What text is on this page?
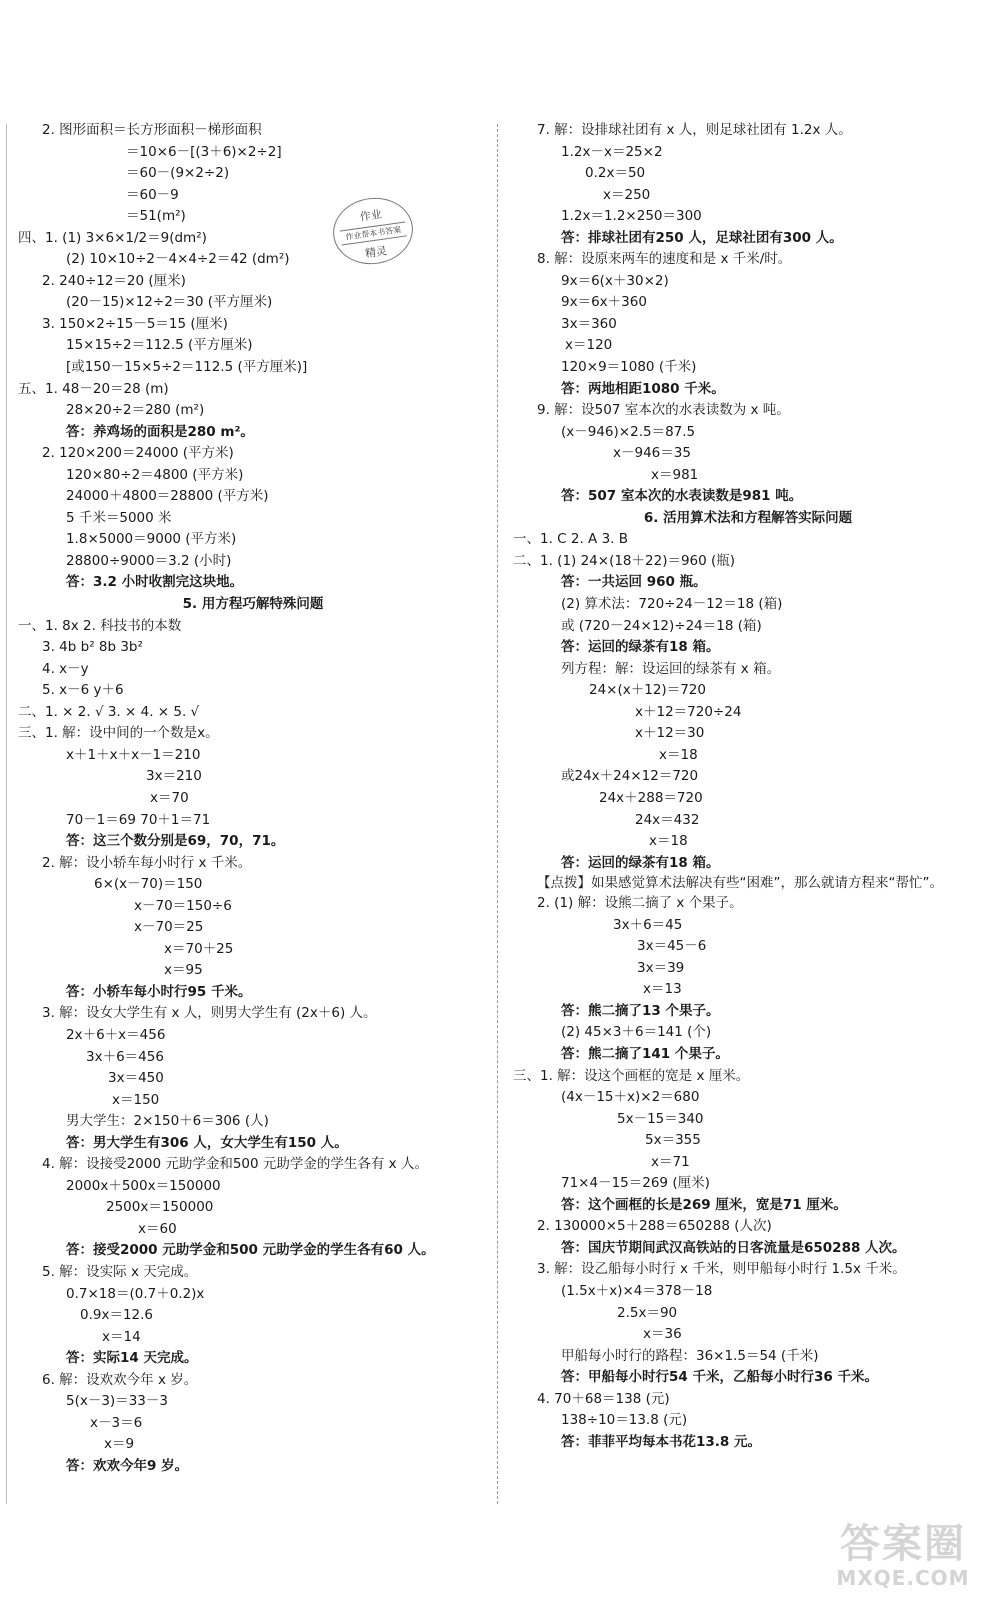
2. 图形面积＝长方形面积－梯形面积
＝10×6－[(3＋6)×2÷2]
＝60－(9×2÷2)
＝60－9
＝51(m²)
四、1. (1) 3×6×1/2＝9(dm²)
(2) 10×10÷2－4×4÷2＝42 (dm²)
2. 240÷12＝20 (厘米)
(20－15)×12÷2＝30 (平方厘米)
3. 150×2÷15－5＝15 (厘米)
15×15÷2＝112.5 (平方厘米)
[或150－15×5÷2＝112.5 (平方厘米)]
五、1. 48－20＝28 (m)
28×20÷2＝280 (m²)
答：养鸡场的面积是280 m²。
2. 120×200＝24000 (平方米)
120×80÷2＝4800 (平方米)
24000＋4800＝28800 (平方米)
5 千米＝5000 米
1.8×5000＝9000 (平方米)
28800÷9000＝3.2 (小时)
答：3.2 小时收割完这块地。
5. 用方程巧解特殊问题
一、1. 8x 2. 科技书的本数
3. 4b b² 8b 3b²
4. x－y
5. x－6 y＋6
二、1. × 2. √ 3. × 4. × 5. √
三、1. 解：设中间的一个数是x。
x＋1＋x＋x－1＝210
3x＝210
x＝70
70－1＝69 70＋1＝71
答：这三个数分别是69，70，71。
2. 解：设小轿车每小时行 x 千米。
6×(x－70)＝150
x－70＝150÷6
x－70＝25
x＝70＋25
x＝95
答：小轿车每小时行95 千米。
3. 解：设女大学生有 x 人，则男大学生有 (2x＋6) 人。
2x＋6＋x＝456
3x＋6＝456
3x＝450
x＝150
男大学生：2×150＋6＝306 (人)
答：男大学生有306 人，女大学生有150 人。
4. 解：设接受2000 元助学金和500 元助学金的学生各有 x 人。
2000x＋500x＝150000
2500x＝150000
x＝60
答：接受2000 元助学金和500 元助学金的学生各有60 人。
5. 解：设实际 x 天完成。
0.7×18＝(0.7＋0.2)x
0.9x＝12.6
x＝14
答：实际14 天完成。
6. 解：设欢欢今年 x 岁。
5(x－3)＝33－3
x－3＝6
x＝9
答：欢欢今年9 岁。
7. 解：设排球社团有 x 人，则足球社团有 1.2x 人。
1.2x－x＝25×2
0.2x＝50
x＝250
1.2x＝1.2×250＝300
答：排球社团有250 人，足球社团有300 人。
8. 解：设原来两车的速度和是 x 千米/时。
9x＝6(x＋30×2)
9x＝6x＋360
3x＝360
x＝120
120×9＝1080 (千米)
答：两地相距1080 千米。
9. 解：设507 室本次的水表读数为 x 吨。
(x－946)×2.5＝87.5
x－946＝35
x＝981
答：507 室本次的水表读数是981 吨。
6. 活用算术法和方程解答实际问题
一、1. C 2. A 3. B
二、1. (1) 24×(18＋22)＝960 (瓶)
答：一共运回 960 瓶。
(2) 算术法：720÷24－12＝18 (箱)
或 (720－24×12)÷24＝18 (箱)
答：运回的绿茶有18 箱。
列方程：解：设运回的绿茶有 x 箱。
24×(x＋12)＝720
x＋12＝720÷24
x＋12＝30
x＝18
或24x＋24×12＝720
24x＋288＝720
24x＝432
x＝18
答：运回的绿茶有18 箱。
【点拨】如果感觉算术法解决有些“困难”，那么就请方程来“帮忙”。
2. (1) 解：设熊二摘了 x 个果子。
3x＋6＝45
3x＝45－6
3x＝39
x＝13
答：熊二摘了13 个果子。
(2) 45×3＋6＝141 (个)
答：熊二摘了141 个果子。
三、1. 解：设这个画框的宽是 x 厘米。
(4x－15＋x)×2＝680
5x－15＝340
5x＝355
x＝71
71×4－15＝269 (厘米)
答：这个画框的长是269 厘米，宽是71 厘米。
2. 130000×5＋288＝650288 (人次)
答：国庆节期间武汉高铁站的日客流量是650288 人次。
3. 解：设乙船每小时行 x 千米，则甲船每小时行 1.5x 千米。
(1.5x＋x)×4＝378－18
2.5x＝90
x＝36
甲船每小时行的路程：36×1.5＝54 (千米)
答：甲船每小时行54 千米，乙船每小时行36 千米。
4. 70＋68＝138 (元)
138÷10＝13.8 (元)
答：菲菲平均每本书花13.8 元。
作业
作业帮本书答案
精灵
答案圈
MXQE.COM
